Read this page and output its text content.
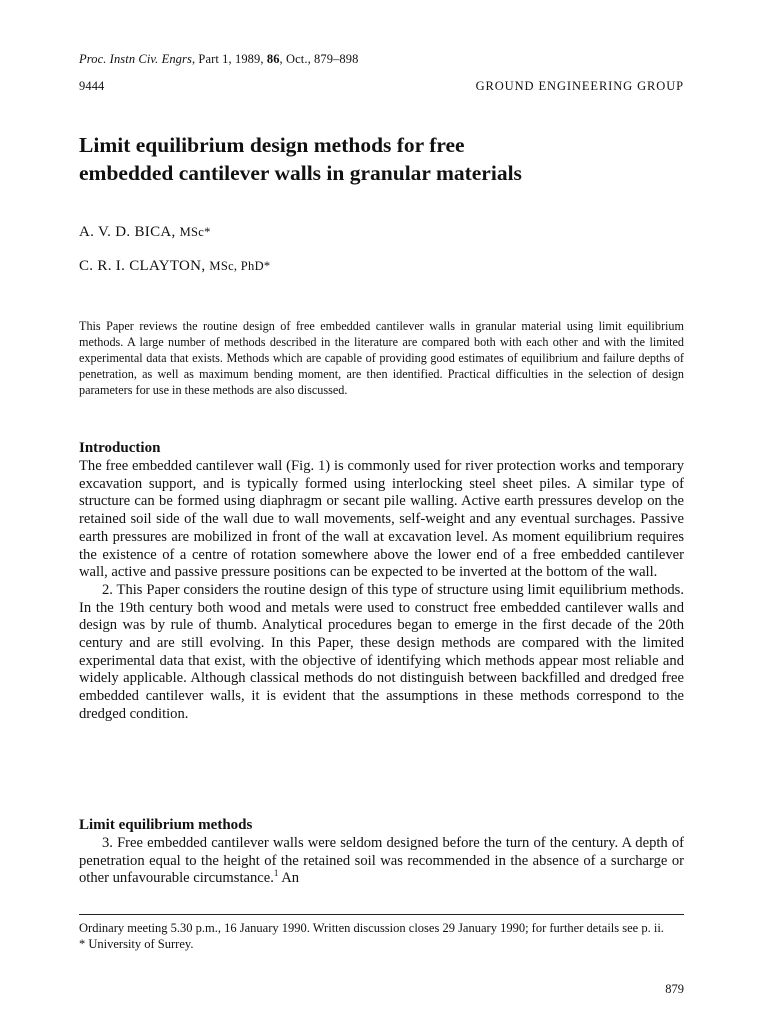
Proc. Instn Civ. Engrs, Part 1, 1989, 86, Oct., 879–898
9444	GROUND ENGINEERING GROUP
Limit equilibrium design methods for free
embedded cantilever walls in granular materials
A. V. D. BICA, MSc*
C. R. I. CLAYTON, MSc, PhD*
This Paper reviews the routine design of free embedded cantilever walls in granular material using limit equilibrium methods. A large number of methods described in the literature are compared both with each other and with the limited experimental data that exists. Methods which are capable of providing good estimates of equilibrium and failure depths of penetration, as well as maximum bending moment, are then identified. Practical difficulties in the selection of design parameters for use in these methods are also discussed.
Introduction

The free embedded cantilever wall (Fig. 1) is commonly used for river protection works and temporary excavation support, and is typically formed using interlocking steel sheet piles. A similar type of structure can be formed using diaphragm or secant pile walling. Active earth pressures develop on the retained soil side of the wall due to wall movements, self-weight and any eventual surchages. Passive earth pressures are mobilized in front of the wall at excavation level. As moment equilibrium requires the existence of a centre of rotation somewhere above the lower end of a free embedded cantilever wall, active and passive pressure positions can be expected to be inverted at the bottom of the wall.

2. This Paper considers the routine design of this type of structure using limit equilibrium methods. In the 19th century both wood and metals were used to construct free embedded cantilever walls and design was by rule of thumb. Analytical procedures began to emerge in the first decade of the 20th century and are still evolving. In this Paper, these design methods are compared with the limited experimental data that exist, with the objective of identifying which methods appear most reliable and widely applicable. Although classical methods do not distinguish between backfilled and dredged free embedded cantilever walls, it is evident that the assumptions in these methods correspond to the dredged condition.

Limit equilibrium methods

3. Free embedded cantilever walls were seldom designed before the turn of the century. A depth of penetration equal to the height of the retained soil was recommended in the absence of a surcharge or other unfavourable circumstance.$^1$ An

Ordinary meeting 5.30 p.m., 16 January 1990. Written discussion closes 29 January 1990; for further details see p. ii.

* University of Surrey.

879
